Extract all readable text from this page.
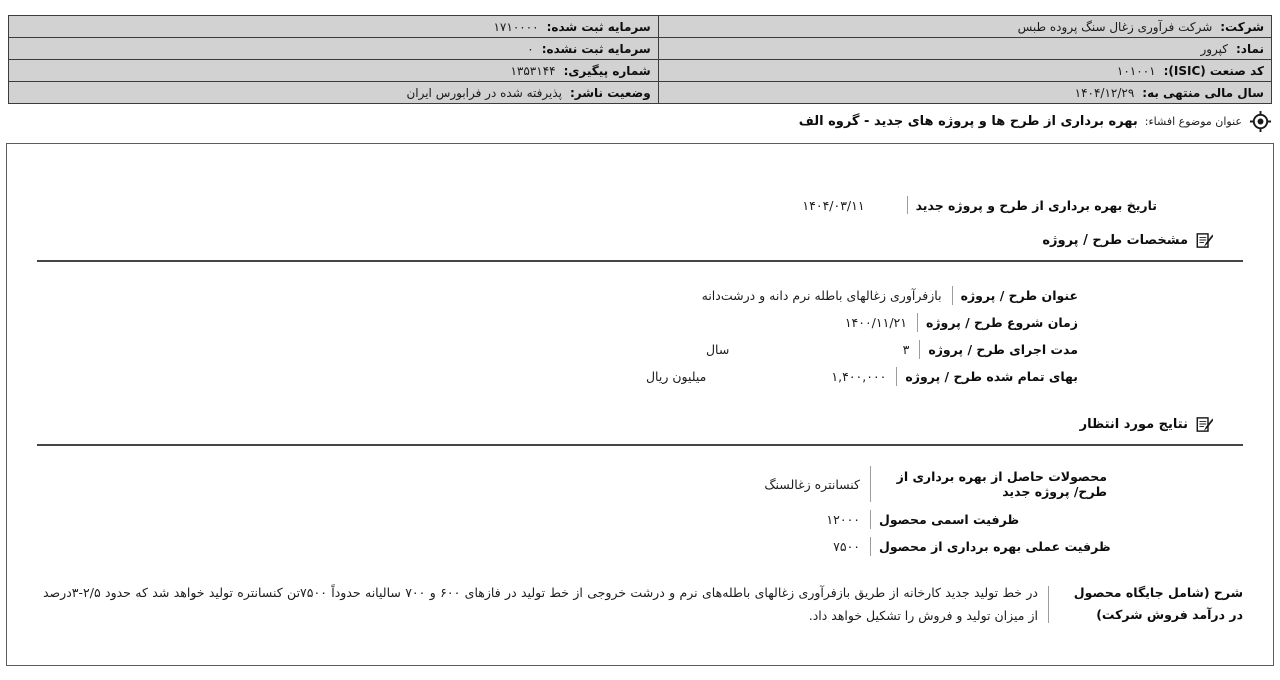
شرکت:
شرکت فرآوری زغال سنگ پروده طبس
سرمایه ثبت شده:
۱۷۱۰۰۰۰
نماد:
کپرور
سرمایه ثبت نشده:
۰
کد صنعت (ISIC):
۱۰۱۰۰۱
شماره پیگیری:
۱۳۵۳۱۴۴
سال مالی منتهی به:
۱۴۰۴/۱۲/۲۹
وضعیت ناشر:
پذیرفته شده در فرابورس ایران
عنوان موضوع افشاء:
بهره برداری از طرح ها و پروژه های جدید - گروه الف
تاریخ بهره برداری از طرح و پروژه جدید
۱۴۰۴/۰۳/۱۱
مشخصات طرح / پروژه
عنوان طرح / پروژه
بازفرآوری زغالهای باطله نرم دانه و درشت‌دانه
زمان شروع طرح / پروژه
۱۴۰۰/۱۱/۲۱
مدت اجرای طرح / پروژه
۳
سال
بهای تمام شده طرح / پروژه
۱,۴۰۰,۰۰۰
میلیون ریال
نتایج مورد انتظار
محصولات حاصل از بهره برداری از طرح/ پروژه جدید
کنسانتره زغالسنگ
ظرفیت اسمی محصول
۱۲۰۰۰
ظرفیت عملی بهره برداری از محصول
۷۵۰۰
شرح (شامل جایگاه محصول در درآمد فروش شرکت)
در خط تولید جدید کارخانه از طریق بازفرآوری زغالهای باطله‌های نرم و درشت خروجی از خط تولید در فازهای ۶۰۰ و ۷۰۰ سالیانه حدوداً ۷۵۰۰تن کنسانتره تولید خواهد شد که حدود ۲/۵-۳درصد از میزان تولید و فروش را تشکیل خواهد داد.
